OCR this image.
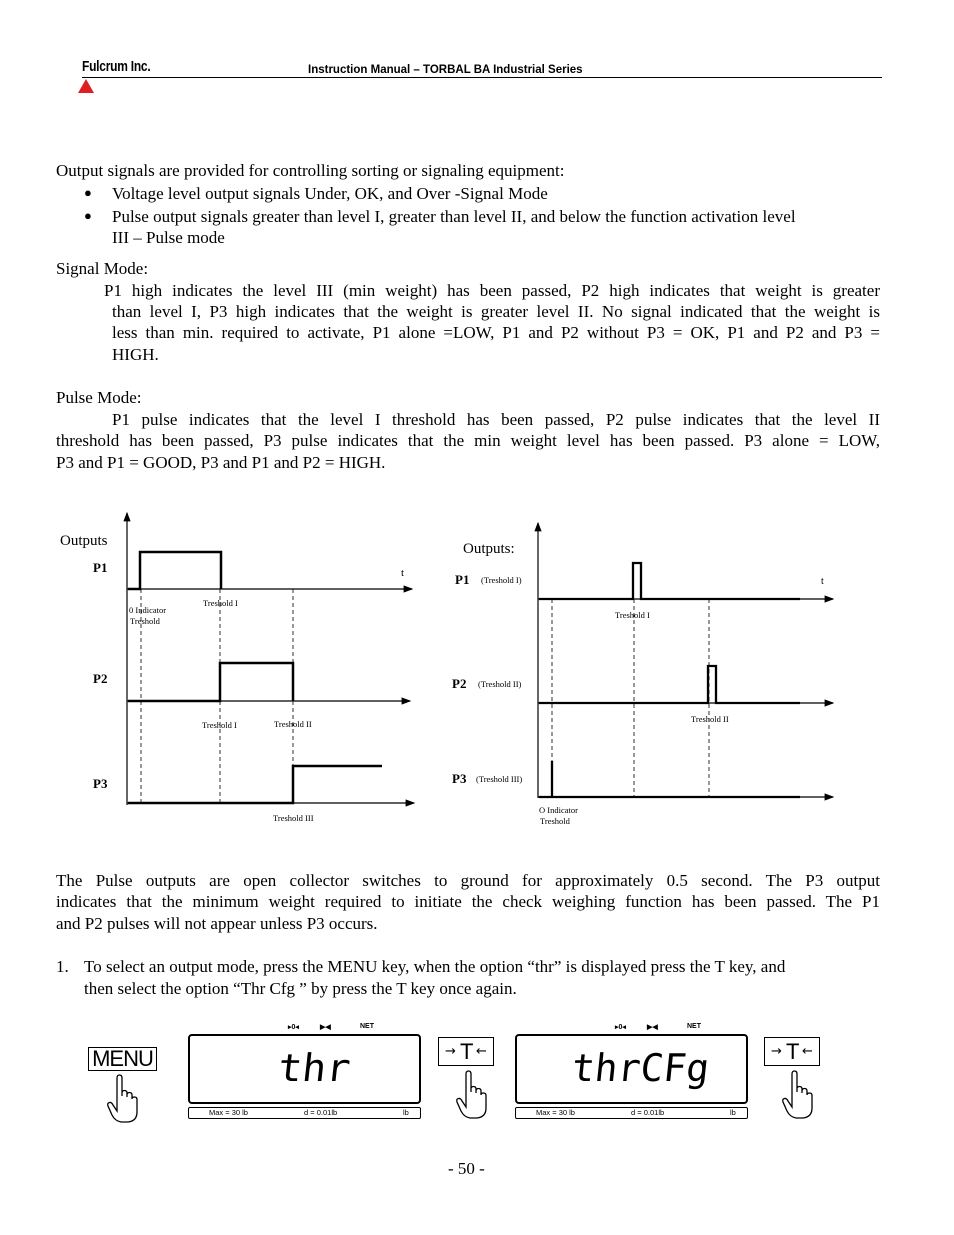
Fulcrum Inc.	Instruction Manual – TORBAL BA Industrial Series
Output signals are provided for controlling sorting or signaling equipment:
● Voltage level output signals Under, OK, and Over -Signal Mode
● Pulse output signals greater than level I, greater than level II, and below the function activation level
III – Pulse mode
Signal Mode:
P1 high indicates the level III (min weight) has been passed, P2 high indicates that weight is greater
than level I, P3 high indicates that the weight is greater level II. No signal indicated that the weight is
less than min. required to activate, P1 alone =LOW, P1 and P2 without P3 = OK, P1 and P2 and P3 =
HIGH.
Pulse Mode:
P1 pulse indicates that the level I threshold has been passed, P2 pulse indicates that the level II
threshold has been passed, P3 pulse indicates that the min weight level has been passed. P3 alone = LOW,
P3 and P1 = GOOD, P3 and P1 and P2 = HIGH.
Outputs
P1
P2
P3
t
0 Indicator
Treshold
Treshold I
Treshold I	Treshold II
Treshold III
Outputs:
P1 (Treshold I)
P2 (Treshold II)
P3 (Treshold III)
t
Treshold I
Treshold II
O Indicator
Treshold
The Pulse outputs are open collector switches to ground for approximately 0.5 second. The P3 output
indicates that the minimum weight required to initiate the check weighing function has been passed. The P1
and P2 pulses will not appear unless P3 occurs.
1. To select an output mode, press the MENU key, when the option “thr” is displayed press the T key, and
then select the option “Thr Cfg ” by press the T key once again.
MENU
▸0◂	▶◀	NET
thr
Max = 30 lb	d = 0.01lb	lb
→ T ←
▸0◂	▶◀	NET
thrCFg
Max = 30 lb	d = 0.01lb	lb
→ T ←
- 50 -
